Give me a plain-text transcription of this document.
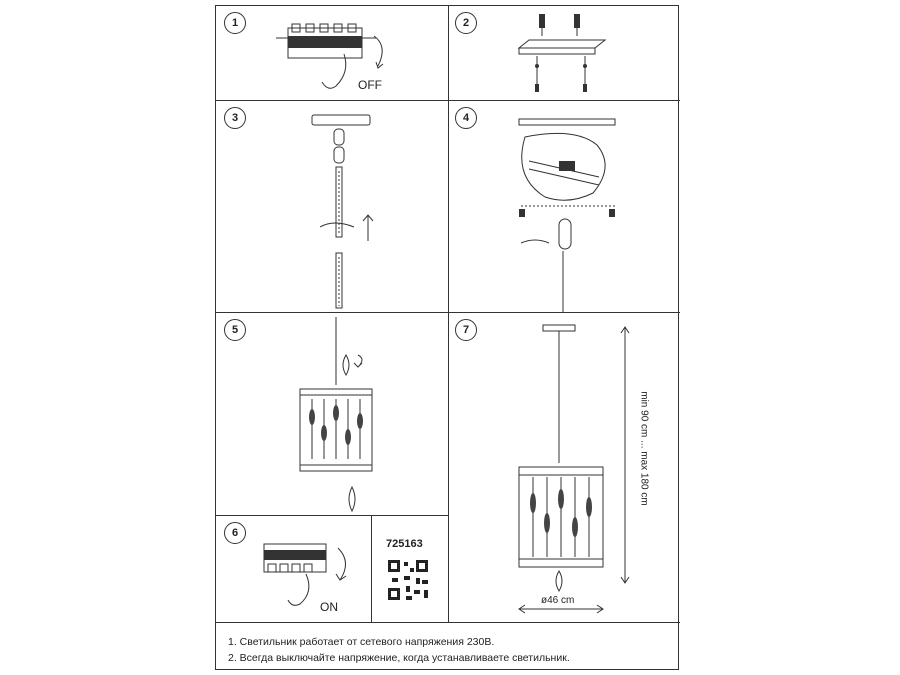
1
OFF
2
3	4
5	7
min 90 cm ... max 180 cm
ø46 cm
6
ON
725163
1. Светильник работает от сетевого напряжения 230В.
2. Всегда выключайте напряжение, когда устанавливаете светильник.
